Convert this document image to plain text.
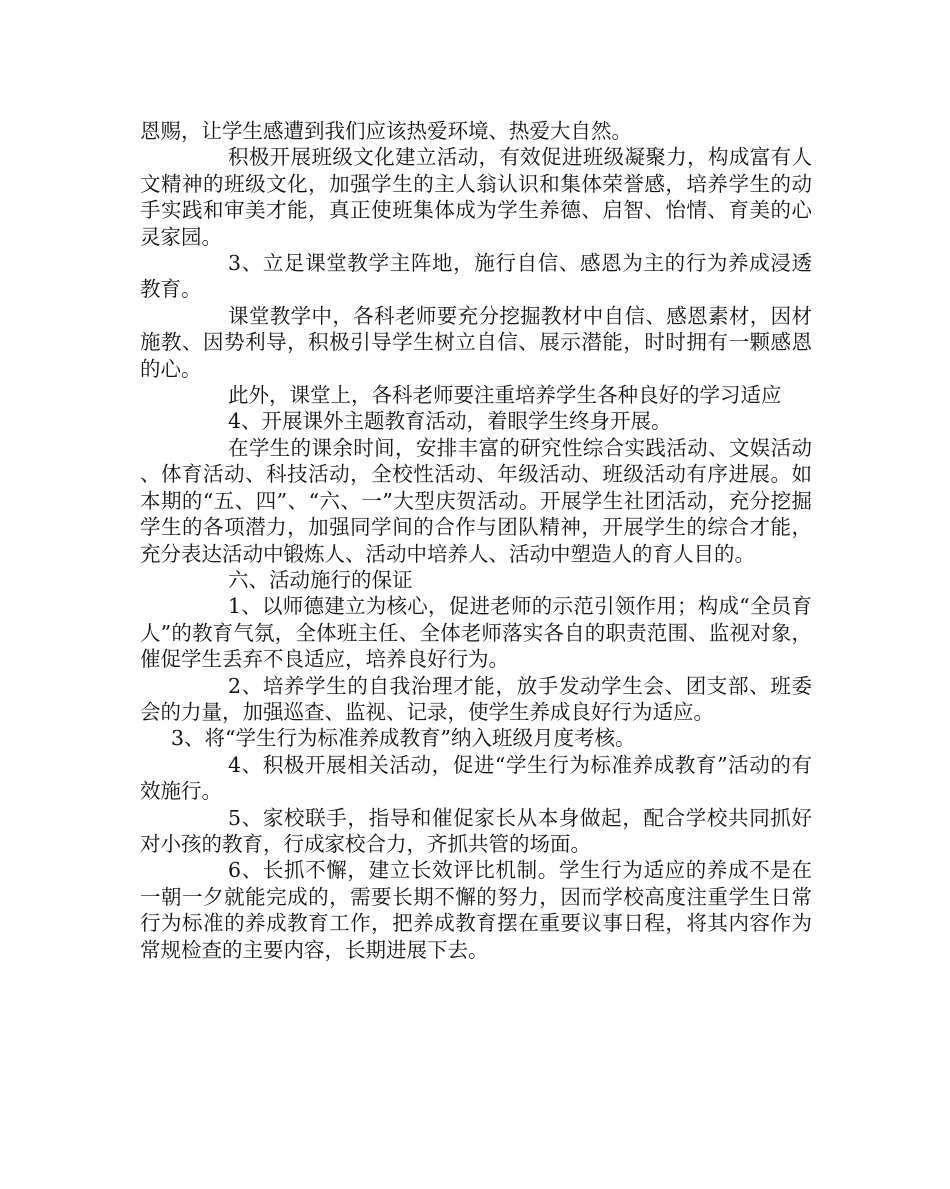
恩赐，让学生感遭到我们应该热爱环境、热爱大自然。

积极开展班级文化建立活动，有效促进班级凝聚力，构成富有人文精神的班级文化，加强学生的主人翁认识和集体荣誉感，培养学生的动手实践和审美才能，真正使班集体成为学生养德、启智、怡情、育美的心灵家园。

3、立足课堂教学主阵地，施行自信、感恩为主的行为养成浸透教育。

课堂教学中，各科老师要充分挖掘教材中自信、感恩素材，因材施教、因势利导，积极引导学生树立自信、展示潜能，时时拥有一颗感恩的心。

此外，课堂上，各科老师要注重培养学生各种良好的学习适应

4、开展课外主题教育活动，着眼学生终身开展。

在学生的课余时间，安排丰富的研究性综合实践活动、文娱活动、体育活动、科技活动，全校性活动、年级活动、班级活动有序进展。如本期的“五、四”、“六、一”大型庆贺活动。开展学生社团活动，充分挖掘学生的各项潜力，加强同学间的合作与团队精神，开展学生的综合才能，充分表达活动中锻炼人、活动中培养人、活动中塑造人的育人目的。

六、活动施行的保证

1、以师德建立为核心，促进老师的示范引领作用；构成“全员育人”的教育气氛，全体班主任、全体老师落实各自的职责范围、监视对象，催促学生丢弃不良适应，培养良好行为。

2、培养学生的自我治理才能，放手发动学生会、团支部、班委会的力量，加强巡查、监视、记录，使学生养成良好行为适应。

3、将“学生行为标准养成教育”纳入班级月度考核。

4、积极开展相关活动，促进“学生行为标准养成教育”活动的有效施行。

5、家校联手，指导和催促家长从本身做起，配合学校共同抓好对小孩的教育，行成家校合力，齐抓共管的场面。

6、长抓不懈，建立长效评比机制。学生行为适应的养成不是在一朝一夕就能完成的，需要长期不懈的努力，因而学校高度注重学生日常行为标准的养成教育工作，把养成教育摆在重要议事日程，将其内容作为常规检查的主要内容，长期进展下去。
